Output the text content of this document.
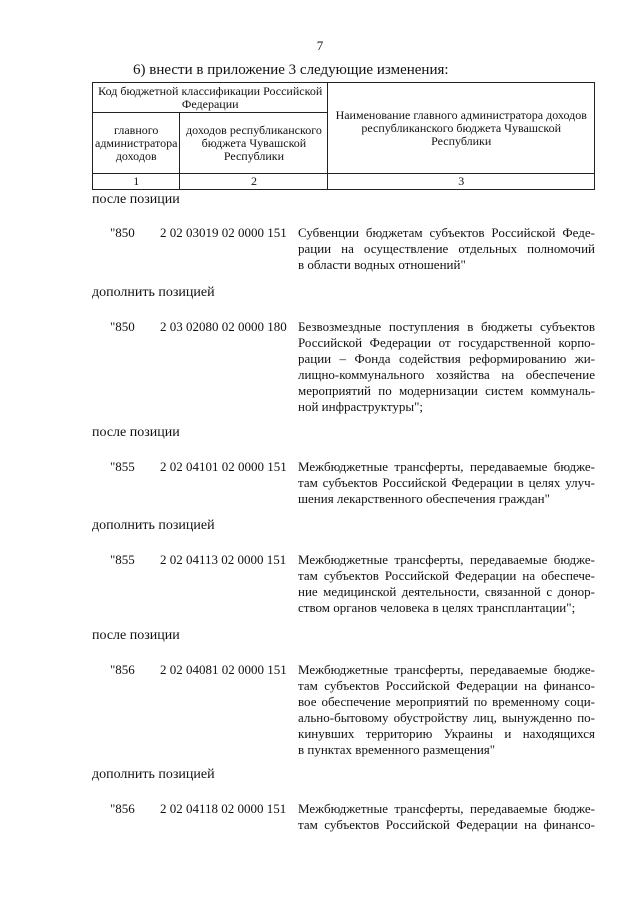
7
6) внести в приложение 3 следующие изменения:
Код бюджетной классификации Российской Федерации		Наименование главного администратора доходов республиканского бюджета Чувашской Республики
главного администратора доходов	доходов республиканского бюджета Чувашской Республики	
1	2	3
после позиции
"850 2 02 03019 02 0000 151 Субвенции бюджетам субъектов Российской Феде-
рации на осуществление отдельных полномочий
в области водных отношений"
дополнить позицией
"850 2 03 02080 02 0000 180 Безвозмездные поступления в бюджеты субъектов
Российской Федерации от государственной корпо-
рации – Фонда содействия реформированию жи-
лищно-коммунального хозяйства на обеспечение
мероприятий по модернизации систем коммуналь-
ной инфраструктуры";
после позиции
"855 2 02 04101 02 0000 151 Межбюджетные трансферты, передаваемые бюдже-
там субъектов Российской Федерации в целях улуч-
шения лекарственного обеспечения граждан"
дополнить позицией
"855 2 02 04113 02 0000 151 Межбюджетные трансферты, передаваемые бюдже-
там субъектов Российской Федерации на обеспече-
ние медицинской деятельности, связанной с донор-
ством органов человека в целях трансплантации";
после позиции
"856 2 02 04081 02 0000 151 Межбюджетные трансферты, передаваемые бюдже-
там субъектов Российской Федерации на финансо-
вое обеспечение мероприятий по временному соци-
ально-бытовому обустройству лиц, вынужденно по-
кинувших территорию Украины и находящихся
в пунктах временного размещения"
дополнить позицией
"856 2 02 04118 02 0000 151 Межбюджетные трансферты, передаваемые бюдже-
там субъектов Российской Федерации на финансо-
